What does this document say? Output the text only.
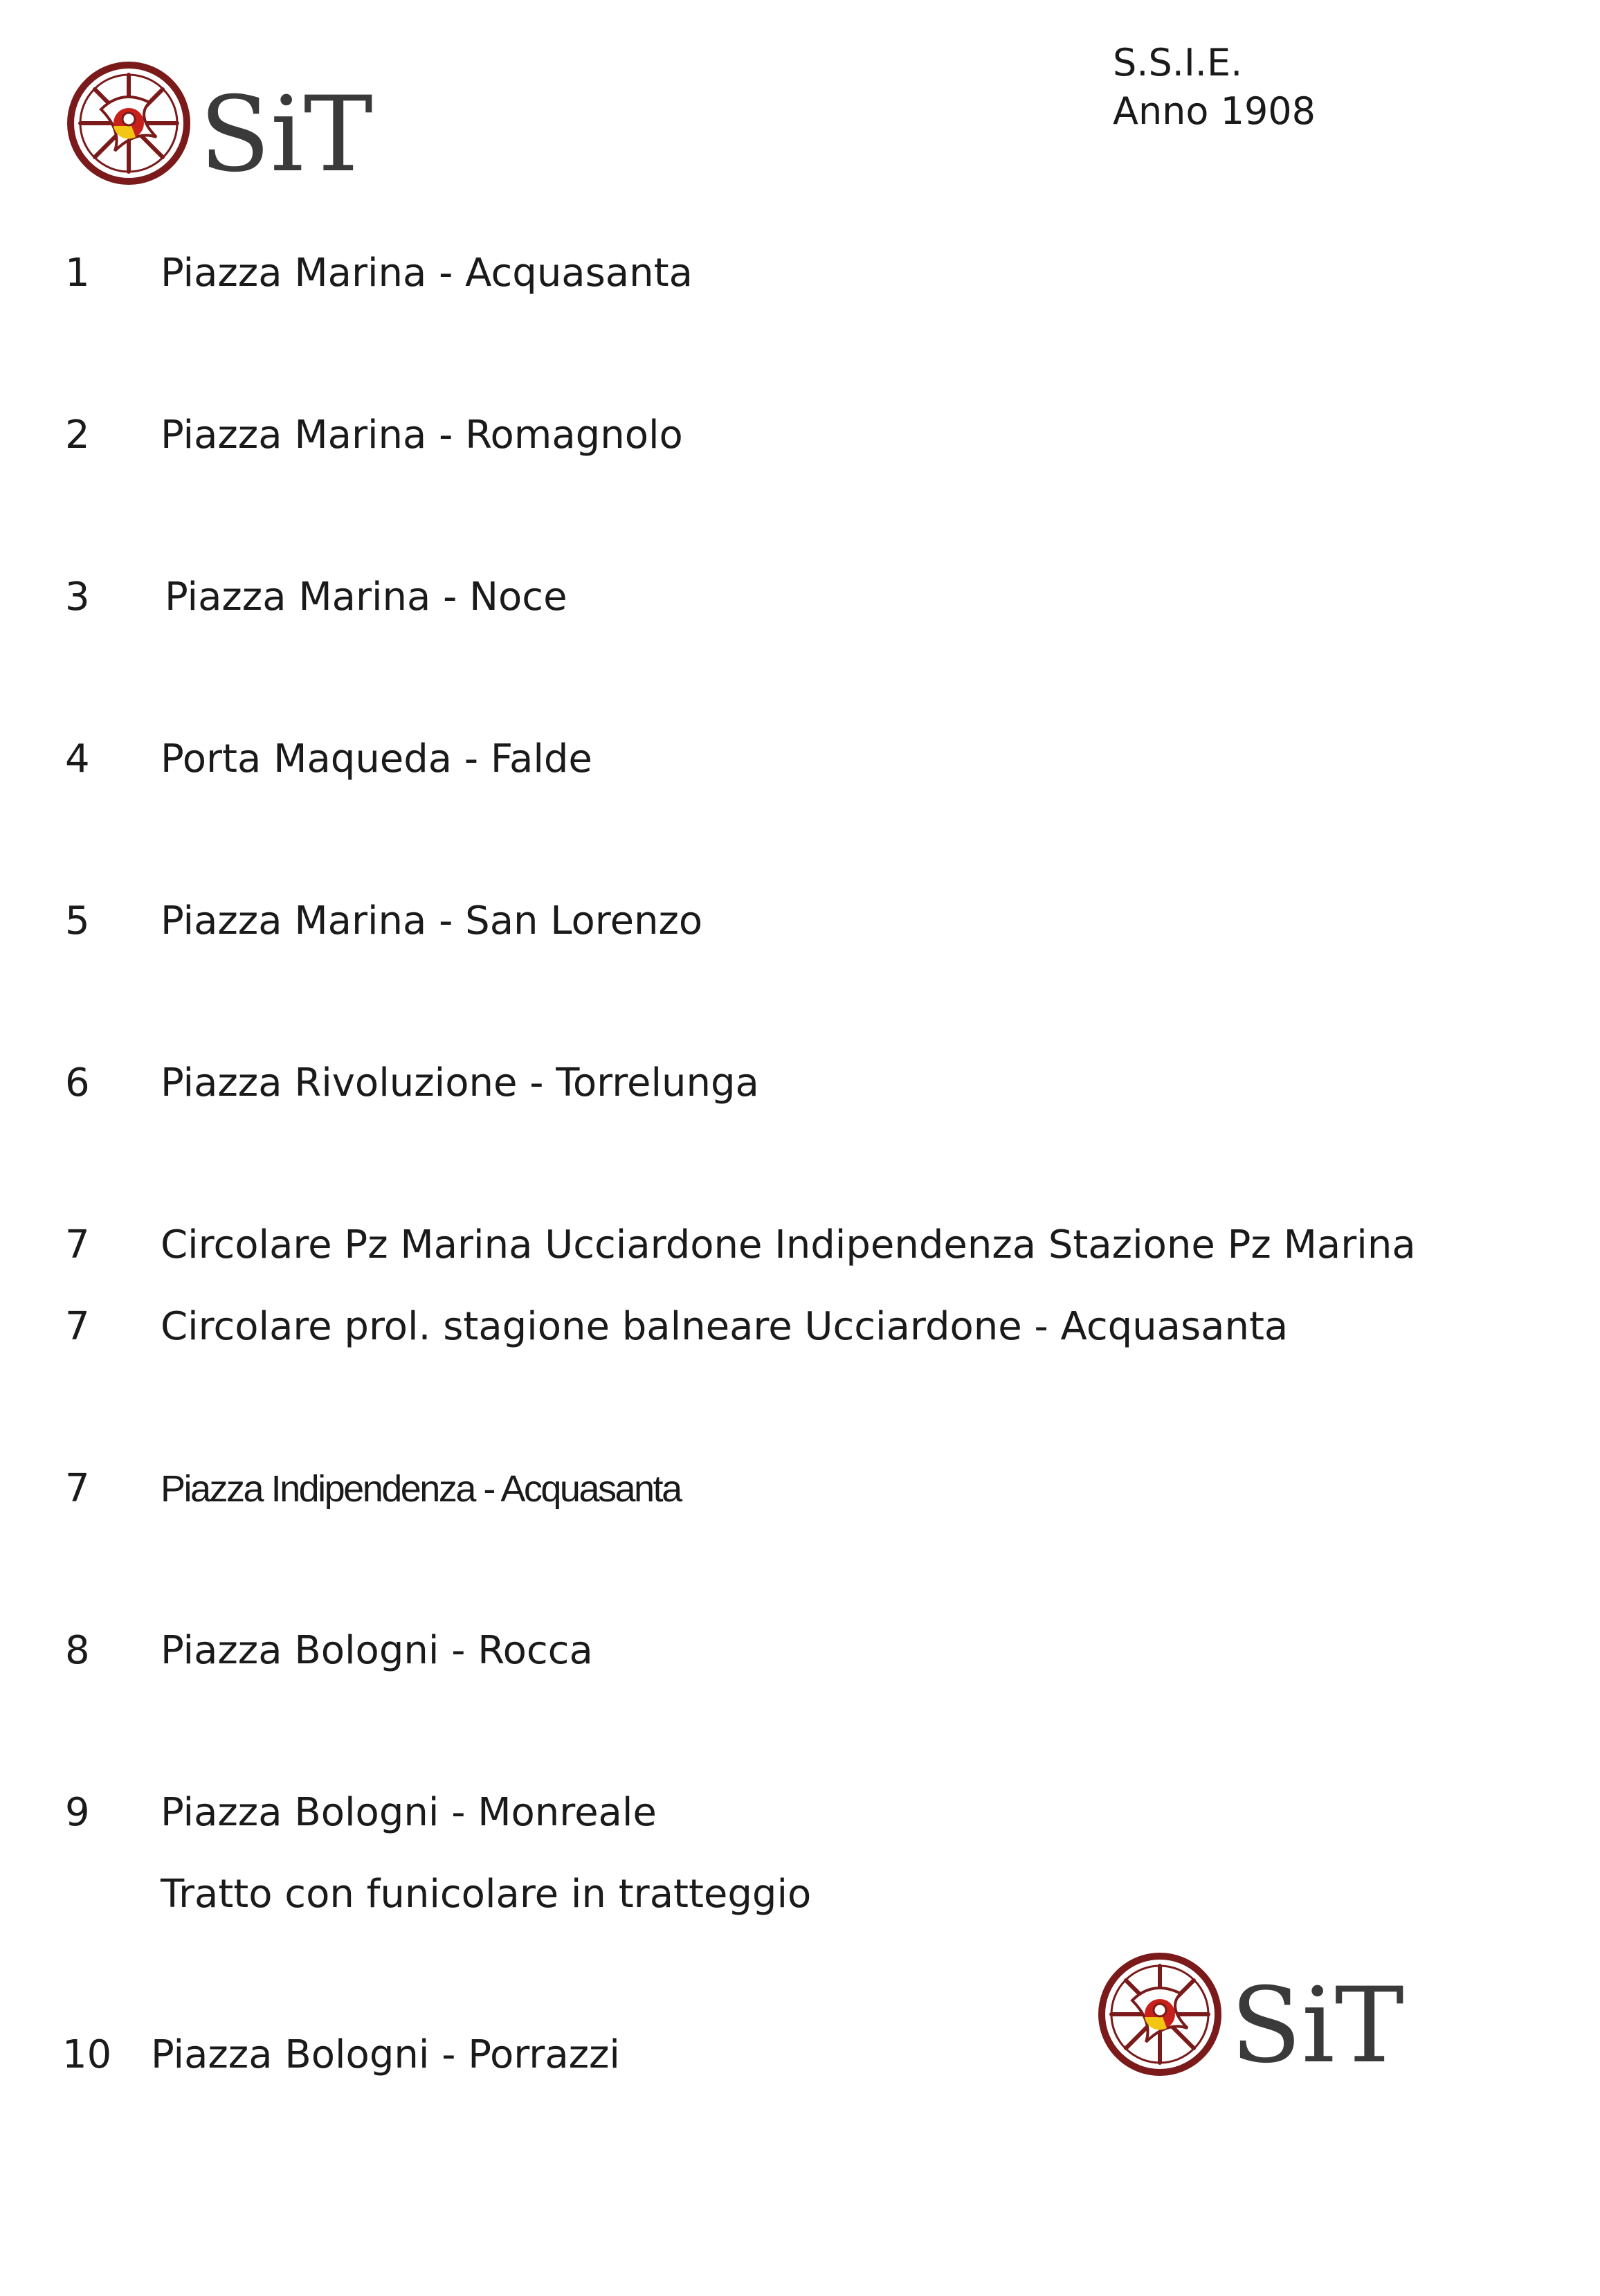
SiT
S.S.I.E.
Anno 1908
1 Piazza Marina - Acquasanta
2 Piazza Marina - Romagnolo
3 Piazza Marina - Noce
4 Porta Maqueda - Falde
5 Piazza Marina - San Lorenzo
6 Piazza Rivoluzione - Torrelunga
7 Circolare Pz Marina Ucciardone Indipendenza Stazione Pz Marina
7 Circolare prol. stagione balneare Ucciardone - Acquasanta
7 Piazza Indipendenza - Acquasanta
8 Piazza Bologni - Rocca
9 Piazza Bologni - Monreale
Tratto con funicolare in tratteggio
10 Piazza Bologni - Porrazzi	SiT
